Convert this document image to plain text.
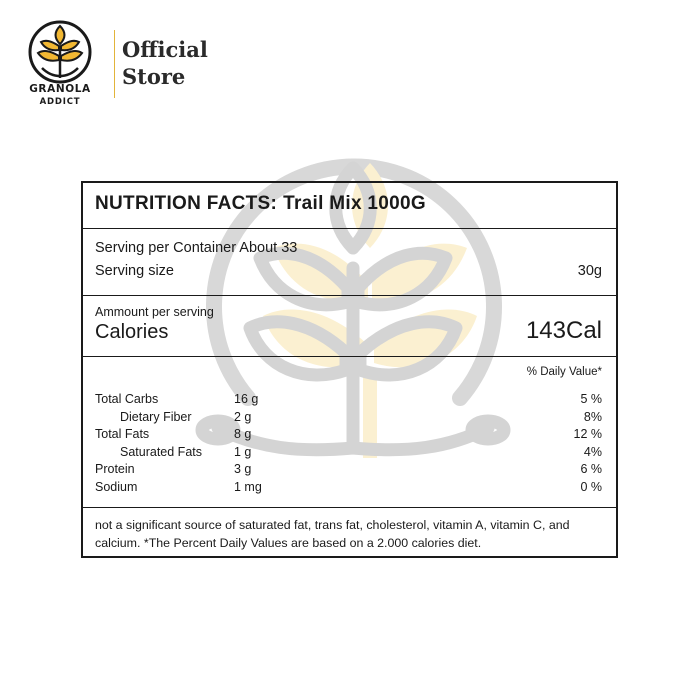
GRANOLA
ADDICT
Official
Store
NUTRITION FACTS: Trail Mix 1000G
Serving per Container About 33
Serving size	30g
Ammount per serving
Calories	143Cal
% Daily Value*
Total Carbs	16 g	5 %
Dietary Fiber	2 g	8%
Total Fats	8 g	12 %
Saturated Fats	1 g	4%
Protein	3 g	6 %
Sodium	1 mg	0 %
not a significant source of saturated fat, trans fat, cholesterol, vitamin A, vitamin C, and calcium. *The Percent Daily Values are based on a 2.000 calories diet.
